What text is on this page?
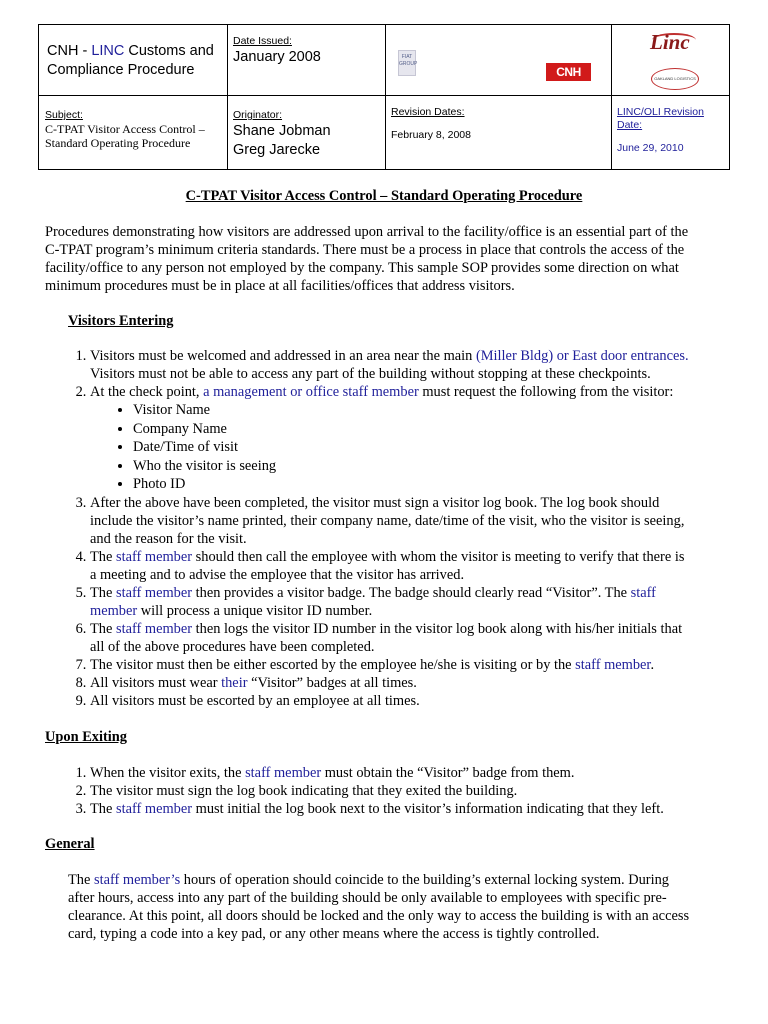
CNH - LINC Customs and
Compliance Procedure
Date Issued:
January 2008
Subject:
C-TPAT Visitor Access Control –
Standard Operating Procedure
Originator:
Shane Jobman
Greg Jarecke
Revision Dates:
February 8, 2008
LINC/OLI Revision
Date:
June 29, 2010
FIAT GROUP
CNH
Linc
OAKLAND LOGISTICS
C-TPAT Visitor Access Control – Standard Operating Procedure
Procedures demonstrating how visitors are addressed upon arrival to the facility/office is an essential part of the
C-TPAT program’s minimum criteria standards. There must be a process in place that controls the access of the
facility/office to any person not employed by the company. This sample SOP provides some direction on what
minimum procedures must be in place at all facilities/offices that address visitors.
Visitors Entering
1. Visitors must be welcomed and addressed in an area near the main (Miller Bldg) or East door entrances.
Visitors must not be able to access any part of the building without stopping at these checkpoints.
2. At the check point, a management or office staff member must request the following from the visitor:
• Visitor Name
• Company Name
• Date/Time of visit
• Who the visitor is seeing
• Photo ID
3. After the above have been completed, the visitor must sign a visitor log book. The log book should
include the visitor’s name printed, their company name, date/time of the visit, who the visitor is seeing,
and the reason for the visit.
4. The staff member should then call the employee with whom the visitor is meeting to verify that there is
a meeting and to advise the employee that the visitor has arrived.
5. The staff member then provides a visitor badge. The badge should clearly read “Visitor”. The staff
member will process a unique visitor ID number.
6. The staff member then logs the visitor ID number in the visitor log book along with his/her initials that
all of the above procedures have been completed.
7. The visitor must then be either escorted by the employee he/she is visiting or by the staff member.
8. All visitors must wear their “Visitor” badges at all times.
9. All visitors must be escorted by an employee at all times.
Upon Exiting
1. When the visitor exits, the staff member must obtain the “Visitor” badge from them.
2. The visitor must sign the log book indicating that they exited the building.
3. The staff member must initial the log book next to the visitor’s information indicating that they left.
General
The staff member’s hours of operation should coincide to the building’s external locking system. During
after hours, access into any part of the building should be only available to employees with specific pre-
clearance. At this point, all doors should be locked and the only way to access the building is with an access
card, typing a code into a key pad, or any other means where the access is tightly controlled.
